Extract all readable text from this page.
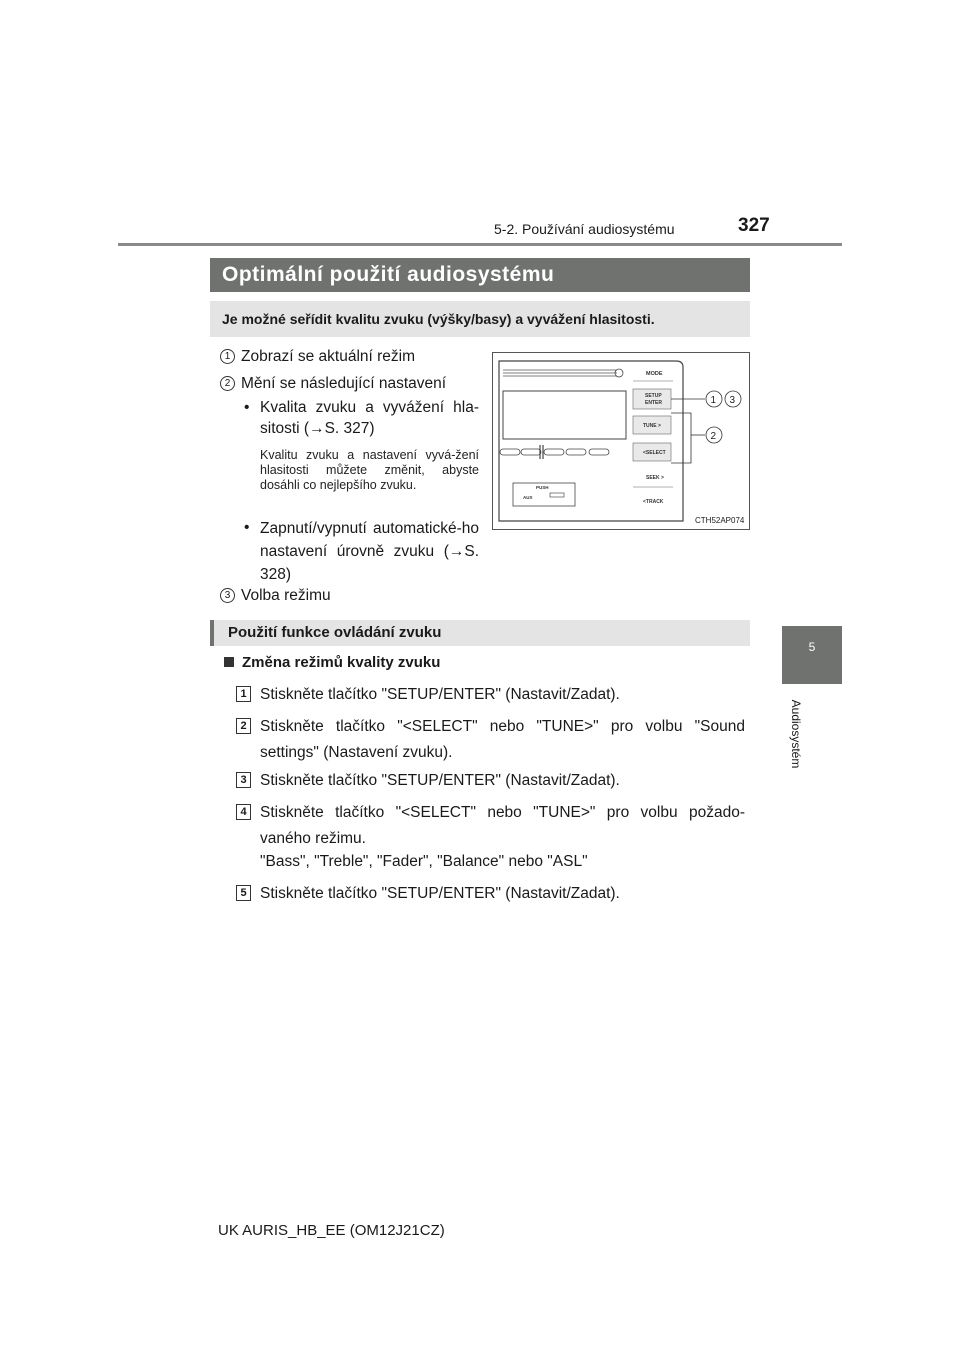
5-2. Používání audiosystému	327
5
Audiosystém
Optimální použití audiosystému
Je možné seřídit kvalitu zvuku (výšky/basy) a vyvážení hlasitosti.
1 Zobrazí se aktuální režim
2 Mění se následující nastavení
• Kvalita zvuku a vyvážení hla-sitosti (→S. 327)
Kvalitu zvuku a nastavení vyvá-žení hlasitosti můžete změnit, abyste dosáhli co nejlepšího zvuku.
• Zapnutí/vypnutí automatické-ho nastavení úrovně zvuku (→S. 328)
3 Volba režimu
PUSH
AUX
MODE
SETUP
ENTER
TUNE >
<SELECT
SEEK >
<TRACK
1 3
2
CTH52AP074
Použití funkce ovládání zvuku
Změna režimů kvality zvuku
1 Stiskněte tlačítko "SETUP/ENTER" (Nastavit/Zadat).
2 Stiskněte tlačítko "<SELECT" nebo "TUNE>" pro volbu "Sound settings" (Nastavení zvuku).
3 Stiskněte tlačítko "SETUP/ENTER" (Nastavit/Zadat).
4 Stiskněte tlačítko "<SELECT" nebo "TUNE>" pro volbu požado-vaného režimu.
"Bass", "Treble", "Fader", "Balance" nebo "ASL"
5 Stiskněte tlačítko "SETUP/ENTER" (Nastavit/Zadat).
UK AURIS_HB_EE (OM12J21CZ)
